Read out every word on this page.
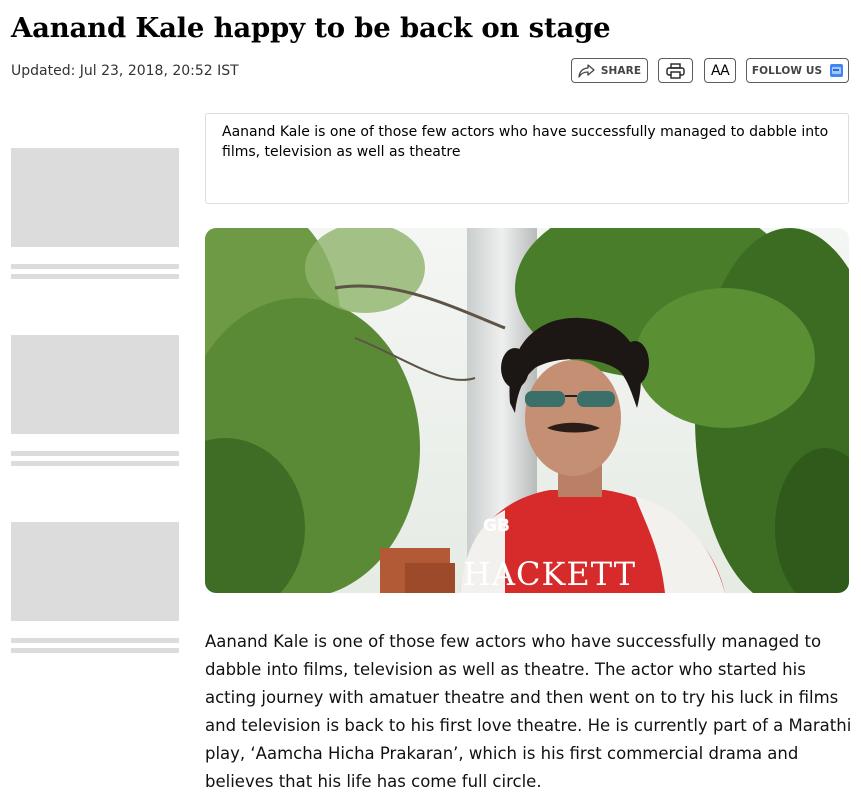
Aanand Kale happy to be back on stage
Updated: Jul 23, 2018, 20:52 IST	SHARE	AA FOLLOW US

Aanand Kale is one of those few actors who have successfully managed to dabble into films, television as well as theatre

GB
HACKETT

Aanand Kale is one of those few actors who have successfully managed to dabble into films, television as well as theatre. The actor who started his acting journey with amatuer theatre and then went on to try his luck in films and television is back to his first love theatre. He is currently part of a Marathi play, ‘Aamcha Hicha Prakaran’, which is his first commercial drama and believes that his life has come full circle.
